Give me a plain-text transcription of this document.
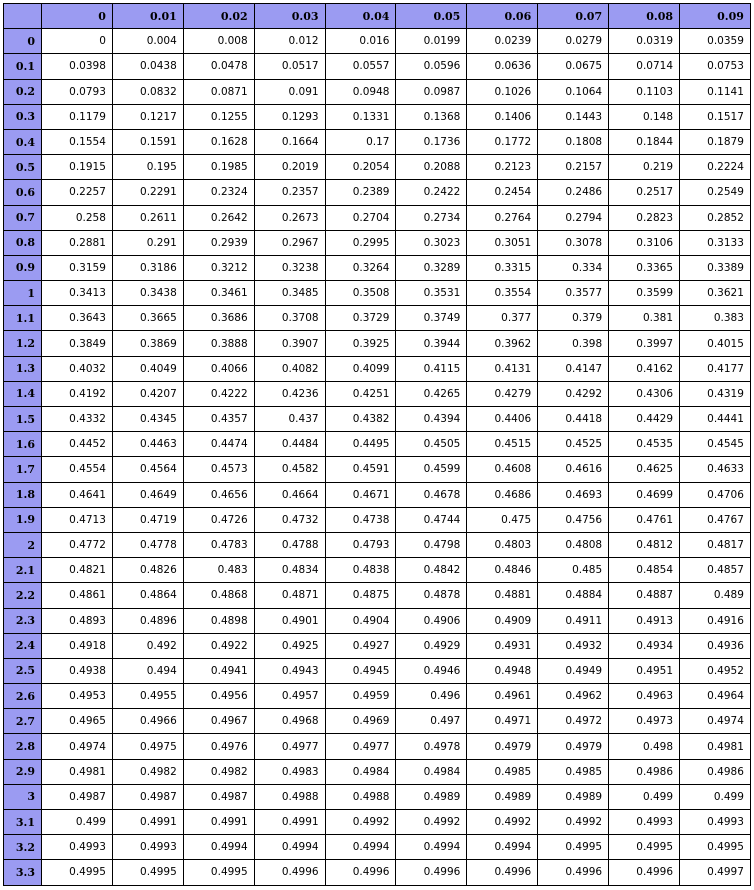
	0	0.01	0.02	0.03	0.04	0.05	0.06	0.07	0.08	0.09
0	0	0.004	0.008	0.012	0.016	0.0199	0.0239	0.0279	0.0319	0.0359
0.1	0.0398	0.0438	0.0478	0.0517	0.0557	0.0596	0.0636	0.0675	0.0714	0.0753
0.2	0.0793	0.0832	0.0871	0.091	0.0948	0.0987	0.1026	0.1064	0.1103	0.1141
0.3	0.1179	0.1217	0.1255	0.1293	0.1331	0.1368	0.1406	0.1443	0.148	0.1517
0.4	0.1554	0.1591	0.1628	0.1664	0.17	0.1736	0.1772	0.1808	0.1844	0.1879
0.5	0.1915	0.195	0.1985	0.2019	0.2054	0.2088	0.2123	0.2157	0.219	0.2224
0.6	0.2257	0.2291	0.2324	0.2357	0.2389	0.2422	0.2454	0.2486	0.2517	0.2549
0.7	0.258	0.2611	0.2642	0.2673	0.2704	0.2734	0.2764	0.2794	0.2823	0.2852
0.8	0.2881	0.291	0.2939	0.2967	0.2995	0.3023	0.3051	0.3078	0.3106	0.3133
0.9	0.3159	0.3186	0.3212	0.3238	0.3264	0.3289	0.3315	0.334	0.3365	0.3389
1	0.3413	0.3438	0.3461	0.3485	0.3508	0.3531	0.3554	0.3577	0.3599	0.3621
1.1	0.3643	0.3665	0.3686	0.3708	0.3729	0.3749	0.377	0.379	0.381	0.383
1.2	0.3849	0.3869	0.3888	0.3907	0.3925	0.3944	0.3962	0.398	0.3997	0.4015
1.3	0.4032	0.4049	0.4066	0.4082	0.4099	0.4115	0.4131	0.4147	0.4162	0.4177
1.4	0.4192	0.4207	0.4222	0.4236	0.4251	0.4265	0.4279	0.4292	0.4306	0.4319
1.5	0.4332	0.4345	0.4357	0.437	0.4382	0.4394	0.4406	0.4418	0.4429	0.4441
1.6	0.4452	0.4463	0.4474	0.4484	0.4495	0.4505	0.4515	0.4525	0.4535	0.4545
1.7	0.4554	0.4564	0.4573	0.4582	0.4591	0.4599	0.4608	0.4616	0.4625	0.4633
1.8	0.4641	0.4649	0.4656	0.4664	0.4671	0.4678	0.4686	0.4693	0.4699	0.4706
1.9	0.4713	0.4719	0.4726	0.4732	0.4738	0.4744	0.475	0.4756	0.4761	0.4767
2	0.4772	0.4778	0.4783	0.4788	0.4793	0.4798	0.4803	0.4808	0.4812	0.4817
2.1	0.4821	0.4826	0.483	0.4834	0.4838	0.4842	0.4846	0.485	0.4854	0.4857
2.2	0.4861	0.4864	0.4868	0.4871	0.4875	0.4878	0.4881	0.4884	0.4887	0.489
2.3	0.4893	0.4896	0.4898	0.4901	0.4904	0.4906	0.4909	0.4911	0.4913	0.4916
2.4	0.4918	0.492	0.4922	0.4925	0.4927	0.4929	0.4931	0.4932	0.4934	0.4936
2.5	0.4938	0.494	0.4941	0.4943	0.4945	0.4946	0.4948	0.4949	0.4951	0.4952
2.6	0.4953	0.4955	0.4956	0.4957	0.4959	0.496	0.4961	0.4962	0.4963	0.4964
2.7	0.4965	0.4966	0.4967	0.4968	0.4969	0.497	0.4971	0.4972	0.4973	0.4974
2.8	0.4974	0.4975	0.4976	0.4977	0.4977	0.4978	0.4979	0.4979	0.498	0.4981
2.9	0.4981	0.4982	0.4982	0.4983	0.4984	0.4984	0.4985	0.4985	0.4986	0.4986
3	0.4987	0.4987	0.4987	0.4988	0.4988	0.4989	0.4989	0.4989	0.499	0.499
3.1	0.499	0.4991	0.4991	0.4991	0.4992	0.4992	0.4992	0.4992	0.4993	0.4993
3.2	0.4993	0.4993	0.4994	0.4994	0.4994	0.4994	0.4994	0.4995	0.4995	0.4995
3.3	0.4995	0.4995	0.4995	0.4996	0.4996	0.4996	0.4996	0.4996	0.4996	0.4997
